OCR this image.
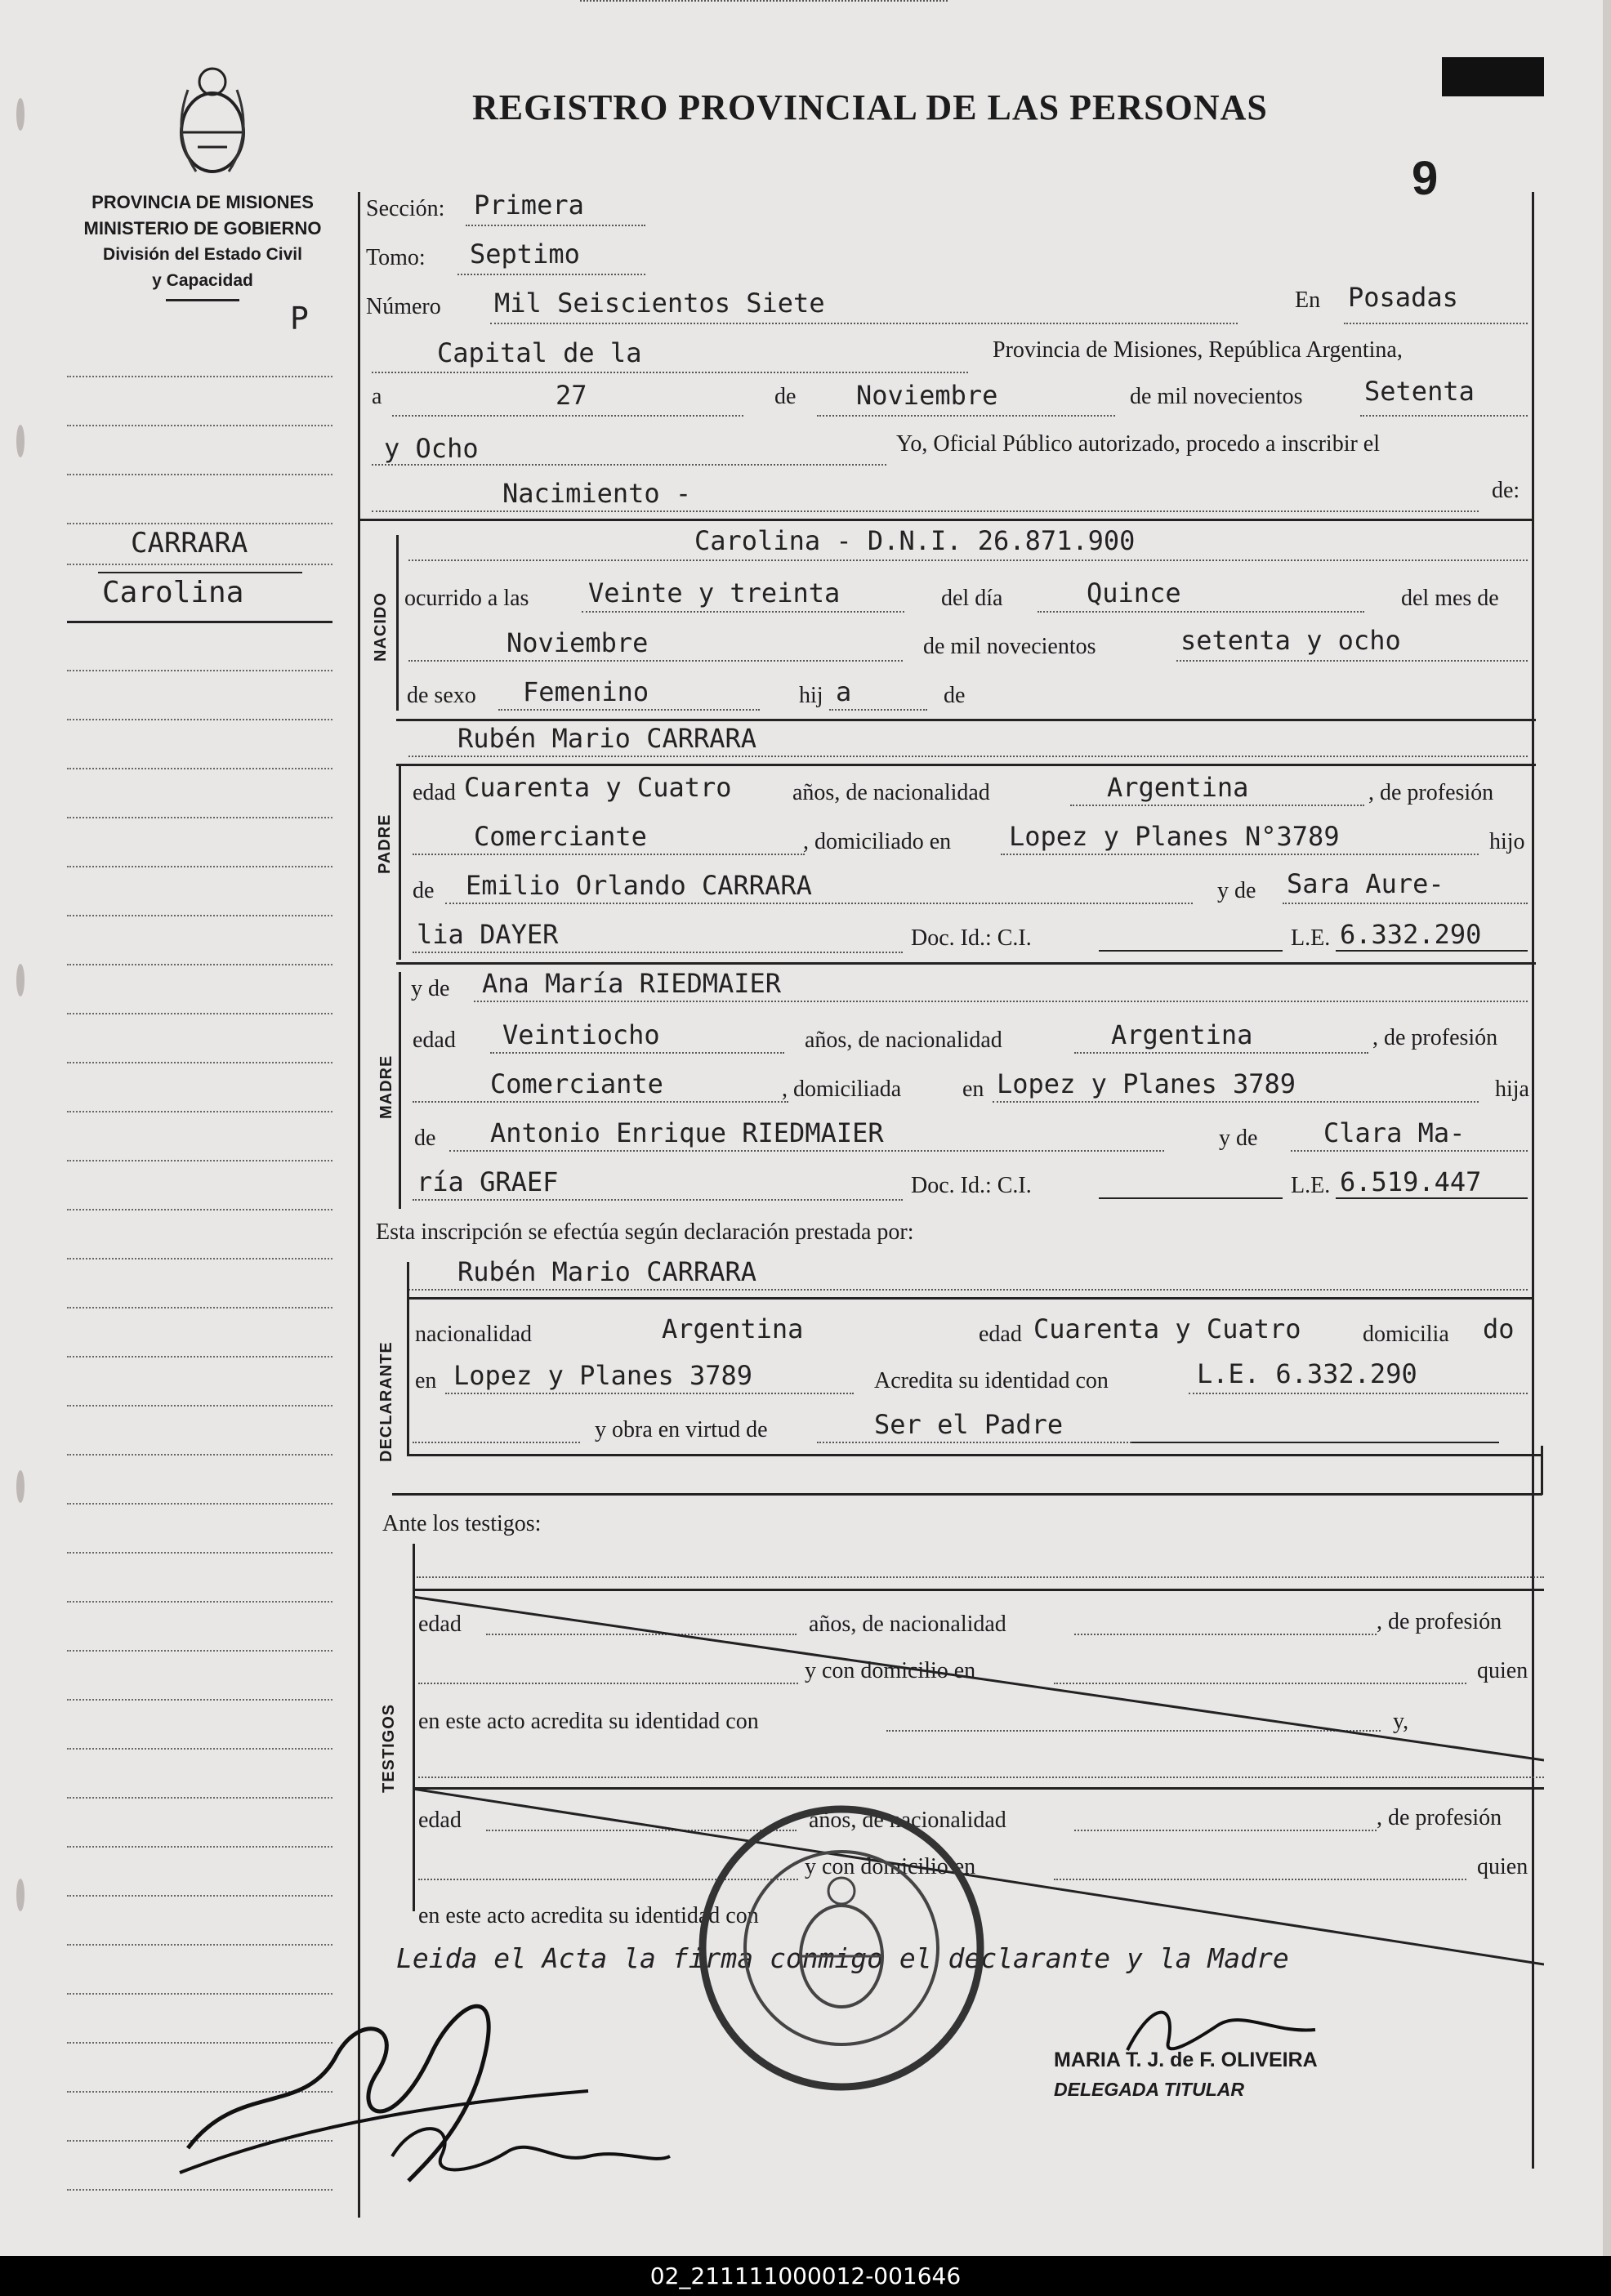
REGISTRO PROVINCIAL DE LAS PERSONAS
9
PROVINCIA DE MISIONES
MINISTERIO DE GOBIERNO
División del Estado Civil
y Capacidad
P
CARRARA
Carolina
Sección: Primera
Tomo: Septimo
Número Mil Seiscientos Siete	En Posadas
Capital de la	Provincia de Misiones, República Argentina,
a	27	de Noviembre	de mil novecientos Setenta
y Ocho	Yo, Oficial Público autorizado, procedo a inscribir el
Nacimiento -	de:
NACIDO
Carolina - D.N.I. 26.871.900
ocurrido a las Veinte y treinta	del día	Quince	del mes de
Noviembre	de mil novecientos	setenta y ocho
de sexo Femenino	hij a	de
Rubén Mario CARRARA
PADRE
edad Cuarenta y Cuatro	años, de nacionalidad	Argentina	, de profesión
Comerciante	, domiciliado en Lopez y Planes N°3789	hijo
de Emilio Orlando CARRARA	y de Sara Aure-
lia DAYER	Doc. Id.: C.I.	L.E. 6.332.290
y de Ana María RIEDMAIER
MADRE
edad Veintiocho	años, de nacionalidad	Argentina	, de profesión
Comerciante	, domiciliada	en Lopez y Planes 3789	hija
de Antonio Enrique RIEDMAIER	y de	Clara Ma-
ría GRAEF	Doc. Id.: C.I.	L.E. 6.519.447
Esta inscripción se efectúa según declaración prestada por:
Rubén Mario CARRARA
DECLARANTE
nacionalidad	Argentina	edad Cuarenta y Cuatro	domicilia do
en Lopez y Planes 3789	Acredita su identidad con	L.E. 6.332.290
y obra en virtud de	Ser el Padre
Ante los testigos:
TESTIGOS
edad	años, de nacionalidad	, de profesión
y con domicilio en	quien
en este acto acredita su identidad con	y,
edad	años, de nacionalidad	, de profesión
y con domicilio en	quien
en este acto acredita su identidad con
Leida el Acta la firma conmigo el declarante y la Madre
MARIA T. J. de F. OLIVEIRA
DELEGADA TITULAR
02_211111000012-001646
